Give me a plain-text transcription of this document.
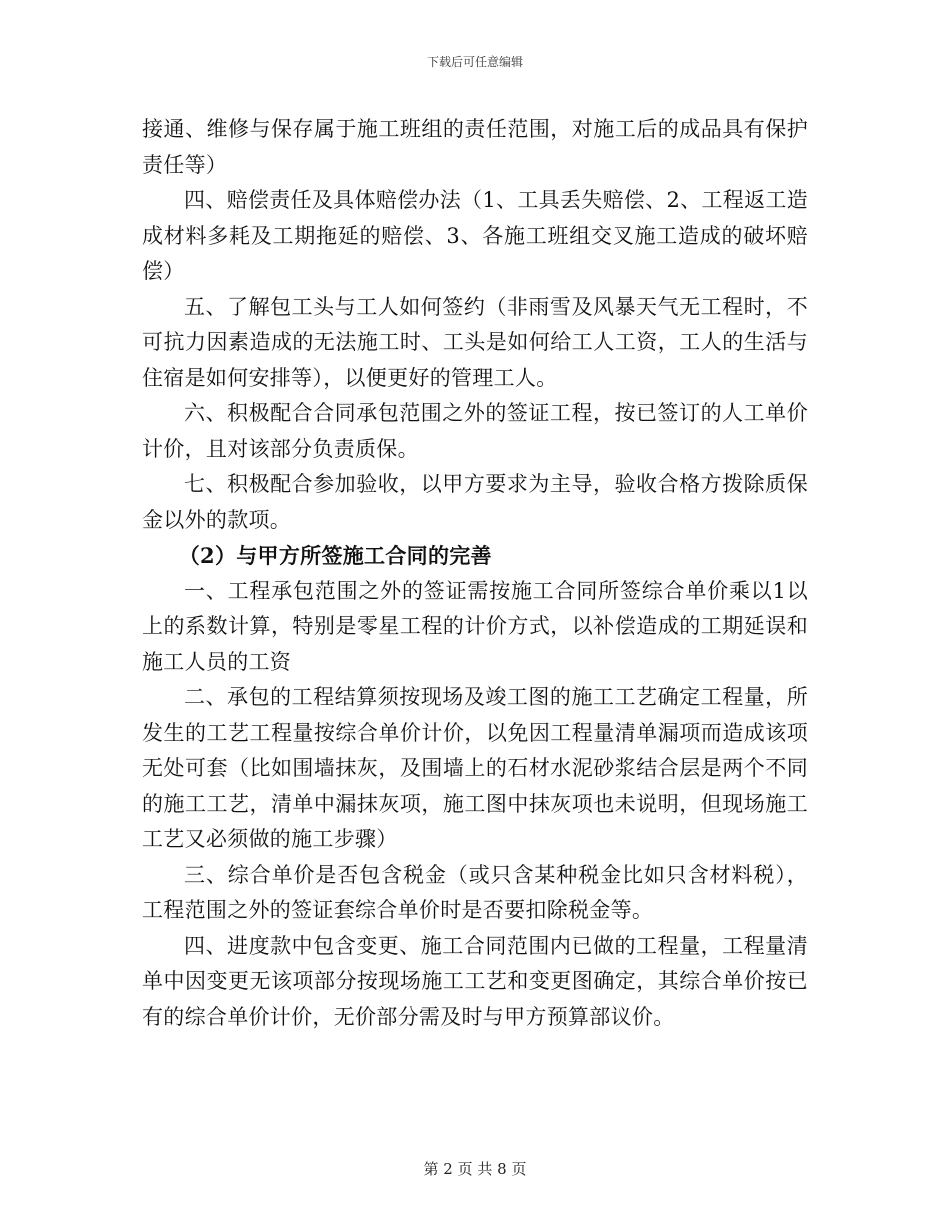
下载后可任意编辑

接通、维修与保存属于施工班组的责任范围，对施工后的成品具有保护责任等）

四、赔偿责任及具体赔偿办法（1、工具丢失赔偿、2、工程返工造成材料多耗及工期拖延的赔偿、3、各施工班组交叉施工造成的破坏赔偿）

五、了解包工头与工人如何签约（非雨雪及风暴天气无工程时，不可抗力因素造成的无法施工时、工头是如何给工人工资，工人的生活与住宿是如何安排等），以便更好的管理工人。

六、积极配合合同承包范围之外的签证工程，按已签订的人工单价计价，且对该部分负责质保。

七、积极配合参加验收，以甲方要求为主导，验收合格方拨除质保金以外的款项。

（2）与甲方所签施工合同的完善

一、工程承包范围之外的签证需按施工合同所签综合单价乘以1以上的系数计算，特别是零星工程的计价方式，以补偿造成的工期延误和施工人员的工资

二、承包的工程结算须按现场及竣工图的施工工艺确定工程量，所发生的工艺工程量按综合单价计价，以免因工程量清单漏项而造成该项无处可套（比如围墙抹灰，及围墙上的石材水泥砂浆结合层是两个不同的施工工艺，清单中漏抹灰项，施工图中抹灰项也未说明，但现场施工工艺又必须做的施工步骤）

三、综合单价是否包含税金（或只含某种税金比如只含材料税），工程范围之外的签证套综合单价时是否要扣除税金等。

四、进度款中包含变更、施工合同范围内已做的工程量，工程量清单中因变更无该项部分按现场施工工艺和变更图确定，其综合单价按已有的综合单价计价，无价部分需及时与甲方预算部议价。

第 2 页 共 8 页
